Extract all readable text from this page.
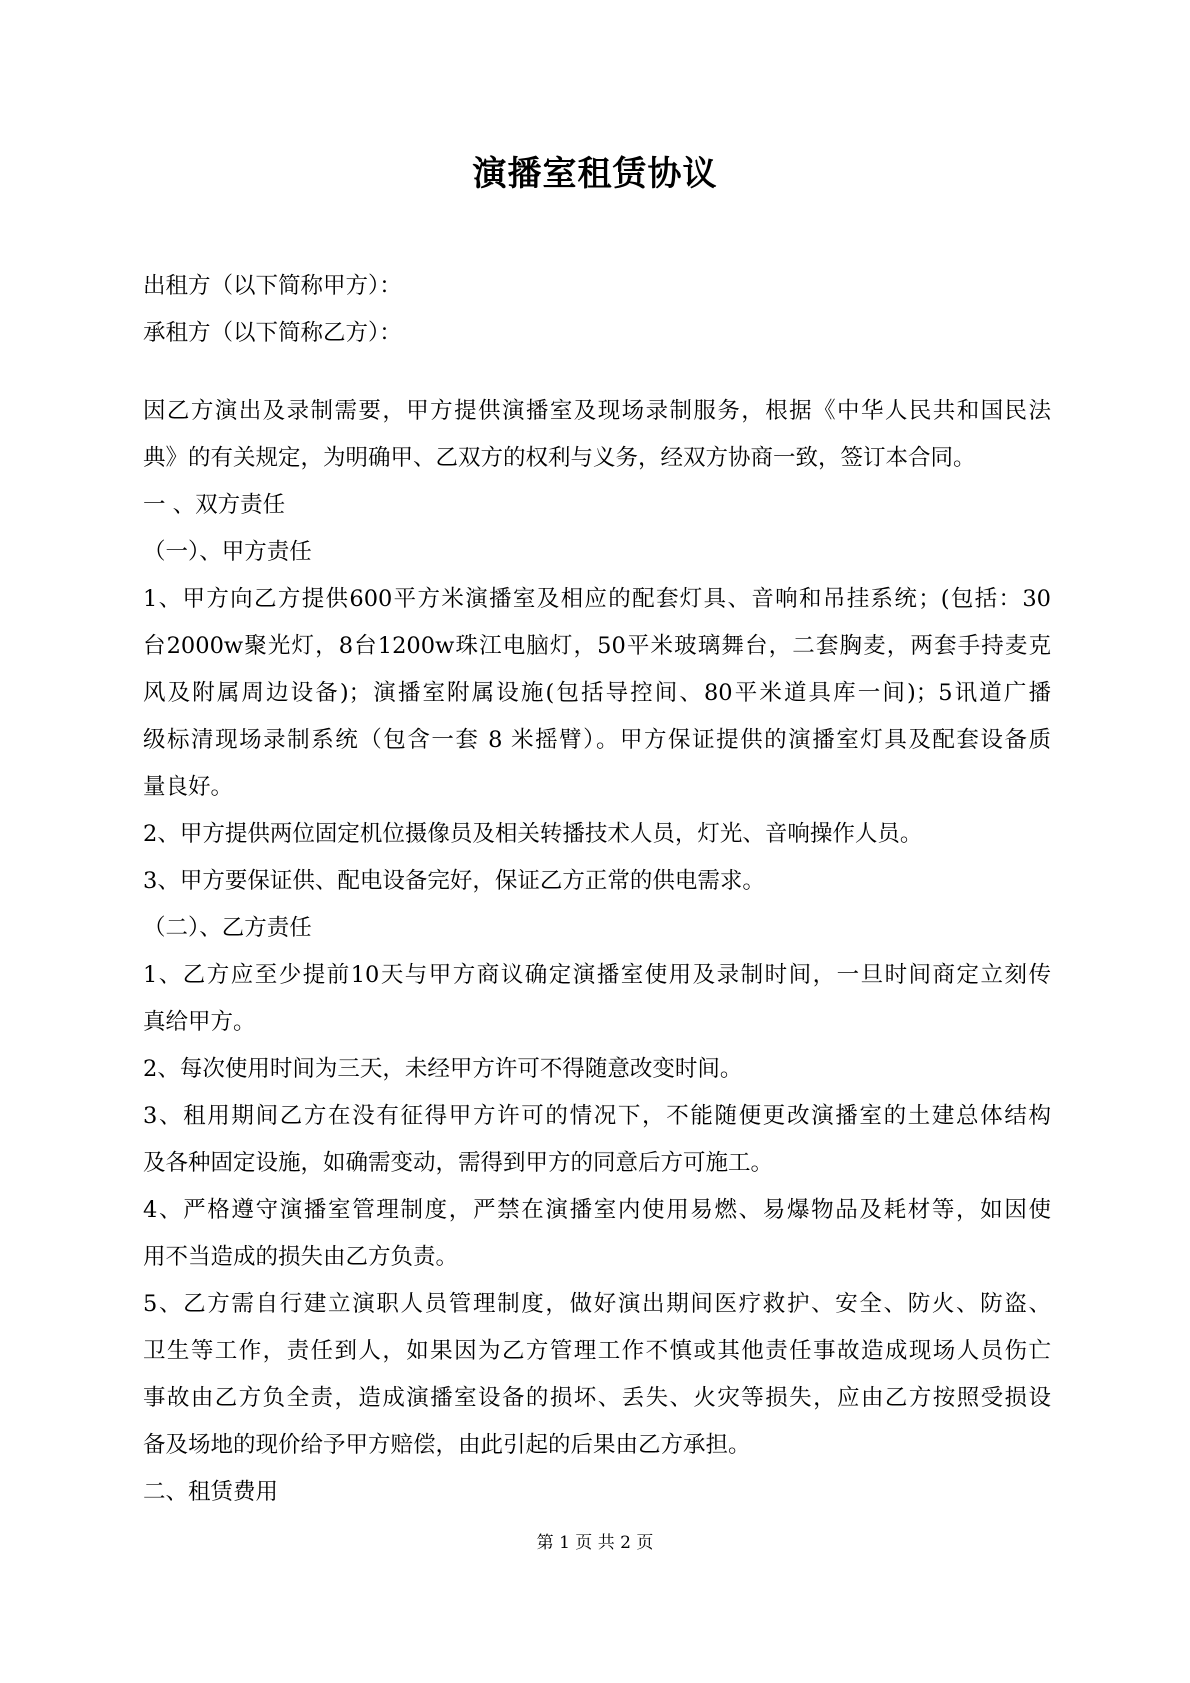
演播室租赁协议
出租方（以下简称甲方）：
承租方（以下简称乙方）：
因乙方演出及录制需要，甲方提供演播室及现场录制服务，根据《中华人民共和国民法
典》的有关规定，为明确甲、乙双方的权利与义务，经双方协商一致，签订本合同。
一 、双方责任
（一）、甲方责任
1、甲方向乙方提供600平方米演播室及相应的配套灯具、音响和吊挂系统；(包括：30
台2000w聚光灯，8台1200w珠江电脑灯，50平米玻璃舞台，二套胸麦，两套手持麦克
风及附属周边设备)；演播室附属设施(包括导控间、80平米道具库一间)；5讯道广播
级标清现场录制系统（包含一套 8 米摇臂）。甲方保证提供的演播室灯具及配套设备质
量良好。
2、甲方提供两位固定机位摄像员及相关转播技术人员，灯光、音响操作人员。
3、甲方要保证供、配电设备完好，保证乙方正常的供电需求。
（二）、乙方责任
1、乙方应至少提前10天与甲方商议确定演播室使用及录制时间，一旦时间商定立刻传
真给甲方。
2、每次使用时间为三天，未经甲方许可不得随意改变时间。
3、租用期间乙方在没有征得甲方许可的情况下，不能随便更改演播室的土建总体结构
及各种固定设施，如确需变动，需得到甲方的同意后方可施工。
4、严格遵守演播室管理制度，严禁在演播室内使用易燃、易爆物品及耗材等，如因使
用不当造成的损失由乙方负责。
5、乙方需自行建立演职人员管理制度，做好演出期间医疗救护、安全、防火、防盗、
卫生等工作，责任到人，如果因为乙方管理工作不慎或其他责任事故造成现场人员伤亡
事故由乙方负全责，造成演播室设备的损坏、丢失、火灾等损失，应由乙方按照受损设
备及场地的现价给予甲方赔偿，由此引起的后果由乙方承担。
二、租赁费用
第 1 页 共 2 页
